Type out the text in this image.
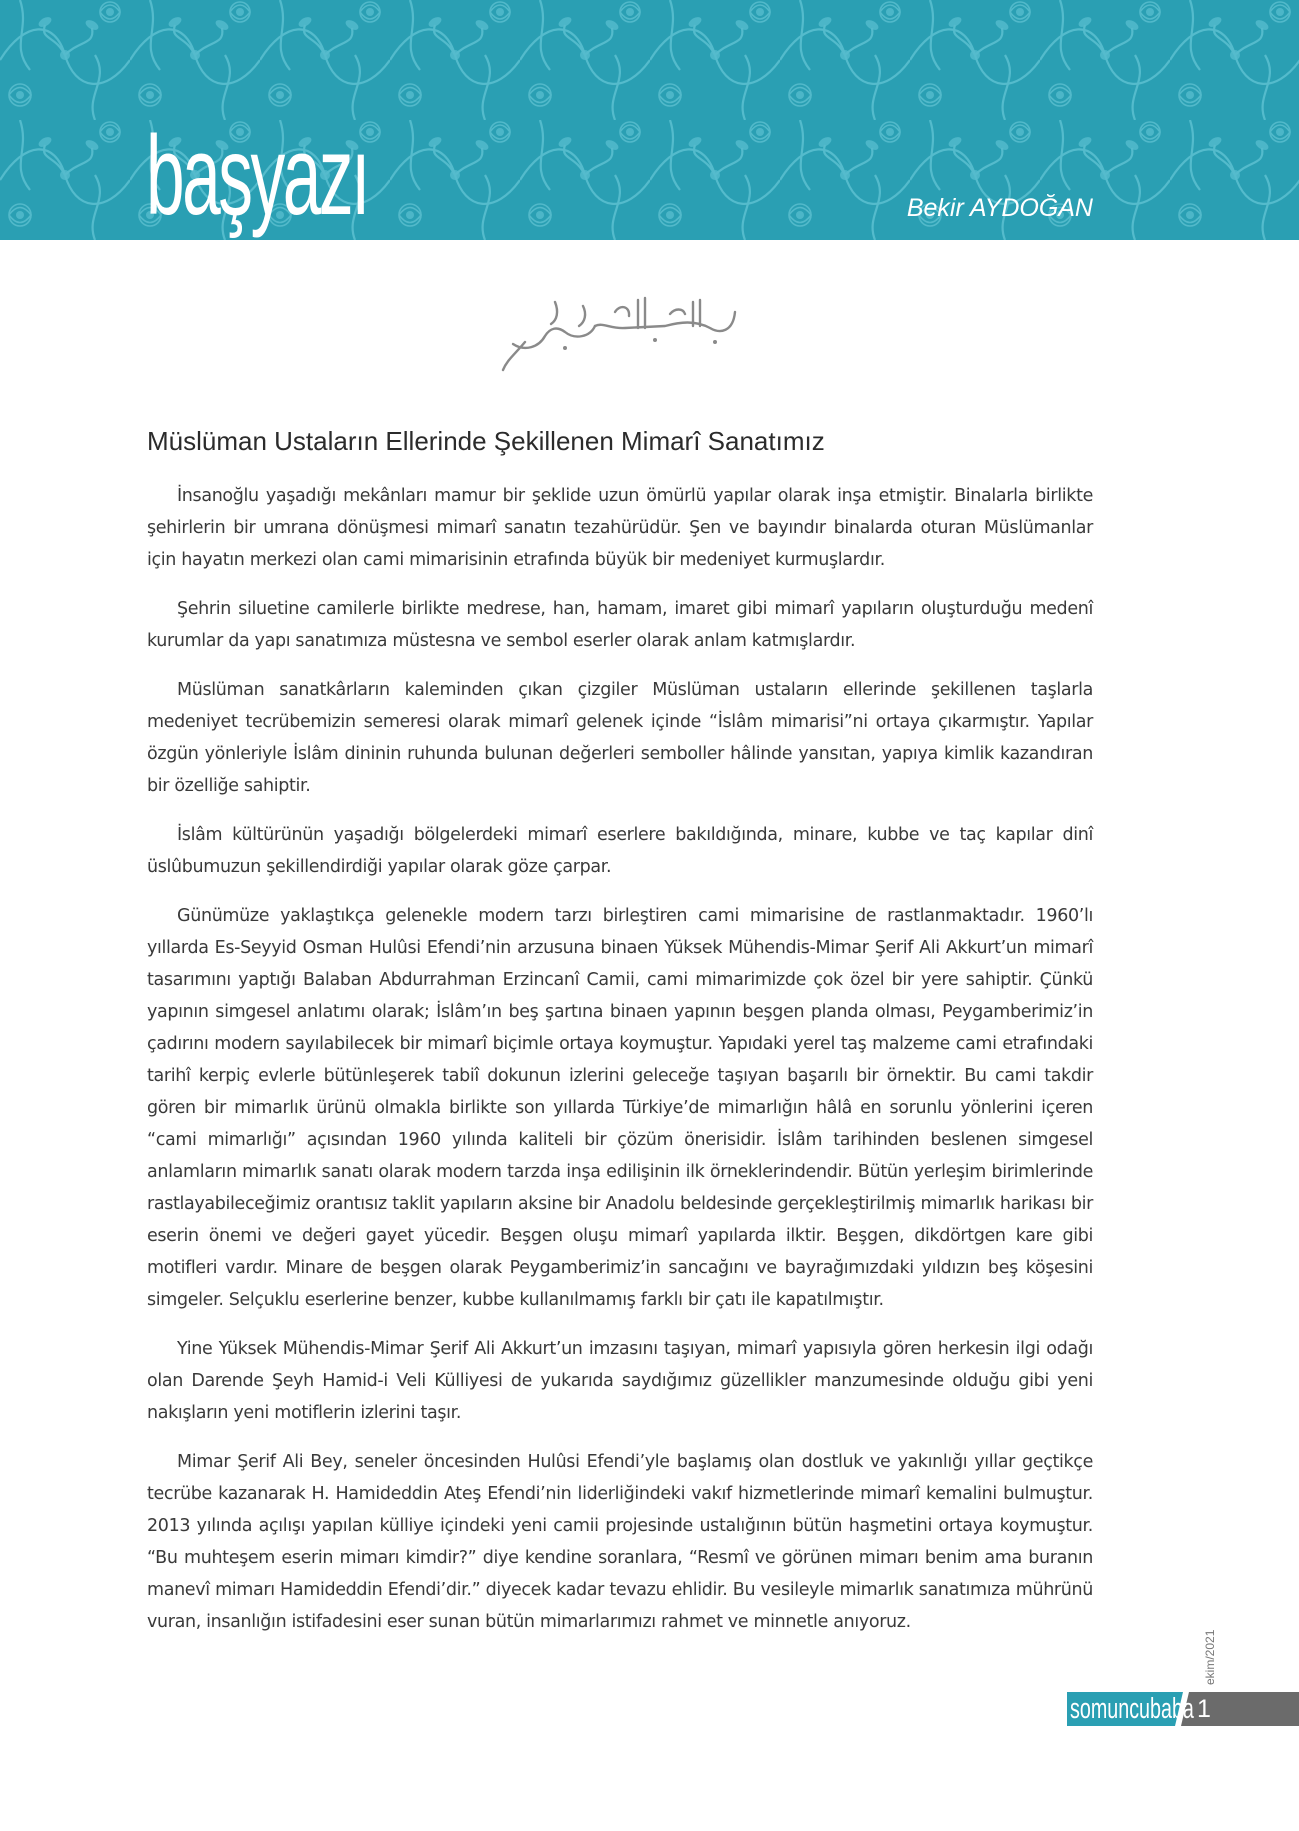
başyazı	Bekir AYDOĞAN
Müslüman Ustaların Ellerinde Şekillenen Mimarî Sanatımız

İnsanoğlu yaşadığı mekânları mamur bir şeklide uzun ömürlü yapılar olarak inşa etmiştir. Binalarla birlikte şehirlerin bir umrana dönüşmesi mimarî sanatın tezahürüdür. Şen ve bayındır binalarda oturan Müslümanlar için hayatın merkezi olan cami mimarisinin etrafında büyük bir medeniyet kurmuşlardır.

Şehrin siluetine camilerle birlikte medrese, han, hamam, imaret gibi mimarî yapıların oluşturduğu medenî kurumlar da yapı sanatımıza müstesna ve sembol eserler olarak anlam katmışlardır.

Müslüman sanatkârların kaleminden çıkan çizgiler Müslüman ustaların ellerinde şekillenen taşlarla medeniyet tecrübemizin semeresi olarak mimarî gelenek içinde “İslâm mimarisi”ni ortaya çıkarmıştır. Yapılar özgün yönleriyle İslâm dininin ruhunda bulunan değerleri semboller hâlinde yansıtan, yapıya kimlik kazandıran bir özelliğe sahiptir.

İslâm kültürünün yaşadığı bölgelerdeki mimarî eserlere bakıldığında, minare, kubbe ve taç kapılar dinî üslûbumuzun şekillendirdiği yapılar olarak göze çarpar.

Günümüze yaklaştıkça gelenekle modern tarzı birleştiren cami mimarisine de rastlanmaktadır. 1960’lı yıllarda Es-Seyyid Osman Hulûsi Efendi’nin arzusuna binaen Yüksek Mühendis-Mimar Şerif Ali Akkurt’un mimarî tasarımını yaptığı Balaban Abdurrahman Erzincanî Camii, cami mimarimizde çok özel bir yere sahiptir. Çünkü yapının simgesel anlatımı olarak; İslâm’ın beş şartına binaen yapının beşgen planda olması, Peygamberimiz’in çadırını modern sayılabilecek bir mimarî biçimle ortaya koymuştur. Yapıdaki yerel taş malzeme cami etrafındaki tarihî kerpiç evlerle bütünleşerek tabiî dokunun izlerini geleceğe taşıyan başarılı bir örnektir. Bu cami takdir gören bir mimarlık ürünü olmakla birlikte son yıllarda Türkiye’de mimarlığın hâlâ en sorunlu yönlerini içeren “cami mimarlığı” açısından 1960 yılında kaliteli bir çözüm önerisidir. İslâm tarihinden beslenen simgesel anlamların mimarlık sanatı olarak modern tarzda inşa edilişinin ilk örneklerindendir. Bütün yerleşim birimlerinde rastlayabileceğimiz orantısız taklit yapıların aksine bir Anadolu beldesinde gerçekleştirilmiş mimarlık harikası bir eserin önemi ve değeri gayet yücedir. Beşgen oluşu mimarî yapılarda ilktir. Beşgen, dikdörtgen kare gibi motifleri vardır. Minare de beşgen olarak Peygamberimiz’in sancağını ve bayrağımızdaki yıldızın beş köşesini simgeler. Selçuklu eserlerine benzer, kubbe kullanılmamış farklı bir çatı ile kapatılmıştır.

Yine Yüksek Mühendis-Mimar Şerif Ali Akkurt’un imzasını taşıyan, mimarî yapısıyla gören herkesin ilgi odağı olan Darende Şeyh Hamid-i Veli Külliyesi de yukarıda saydığımız güzellikler manzumesinde olduğu gibi yeni nakışların yeni motiflerin izlerini taşır.

Mimar Şerif Ali Bey, seneler öncesinden Hulûsi Efendi’yle başlamış olan dostluk ve yakınlığı yıllar geçtikçe tecrübe kazanarak H. Hamideddin Ateş Efendi’nin liderliğindeki vakıf hizmetlerinde mimarî kemalini bulmuştur. 2013 yılında açılışı yapılan külliye içindeki yeni camii projesinde ustalığının bütün haşmetini ortaya koymuştur. “Bu muhteşem eserin mimarı kimdir?” diye kendine soranlara, “Resmî ve görünen mimarı benim ama buranın manevî mimarı Hamideddin Efendi’dir.” diyecek kadar tevazu ehlidir. Bu vesileyle mimarlık sanatımıza mührünü vuran, insanlığın istifadesini eser sunan bütün mimarlarımızı rahmet ve minnetle anıyoruz.

ekim/2021
somuncubaba 1
